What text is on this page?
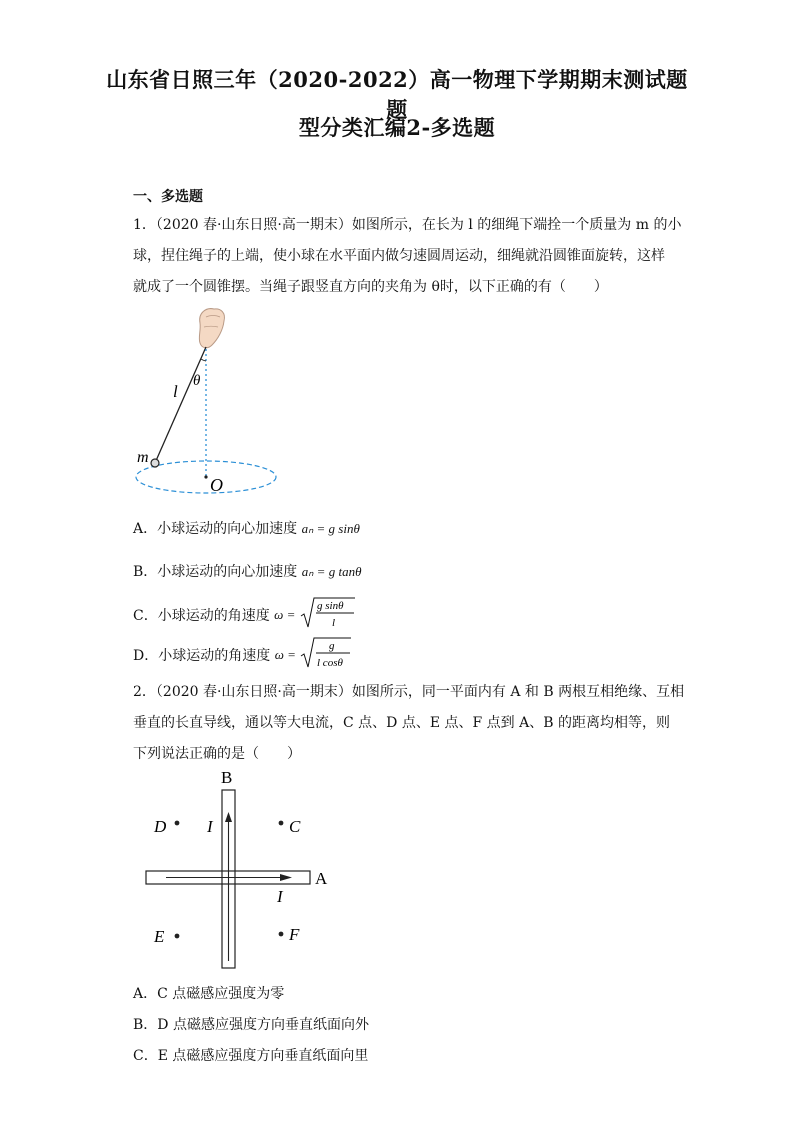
山东省日照三年（2020-2022）高一物理下学期期末测试题题
型分类汇编2-多选题
一、多选题
1．（2020 春·山东日照·高一期末）如图所示，在长为 l 的细绳下端拴一个质量为 m 的小
球，捏住绳子的上端，使小球在水平面内做匀速圆周运动，细绳就沿圆锥面旋转，这样
就成了一个圆锥摆。当绳子跟竖直方向的夹角为 θ时，以下正确的有（　　）
l
θ
m
O
A．小球运动的向心加速度 aₙ = g sinθ
B．小球运动的向心加速度 aₙ = g tanθ
C．小球运动的角速度 ω =
g sinθ
l
D．小球运动的角速度 ω =
g
l cosθ
2．（2020 春·山东日照·高一期末）如图所示，同一平面内有 A 和 B 两根互相绝缘、互相
垂直的长直导线，通以等大电流，C 点、D 点、E 点、F 点到 A、B 的距离均相等，则
下列说法正确的是（　　）
B
A
I
I
D	C
E	F
A．C 点磁感应强度为零
B．D 点磁感应强度方向垂直纸面向外
C．E 点磁感应强度方向垂直纸面向里
